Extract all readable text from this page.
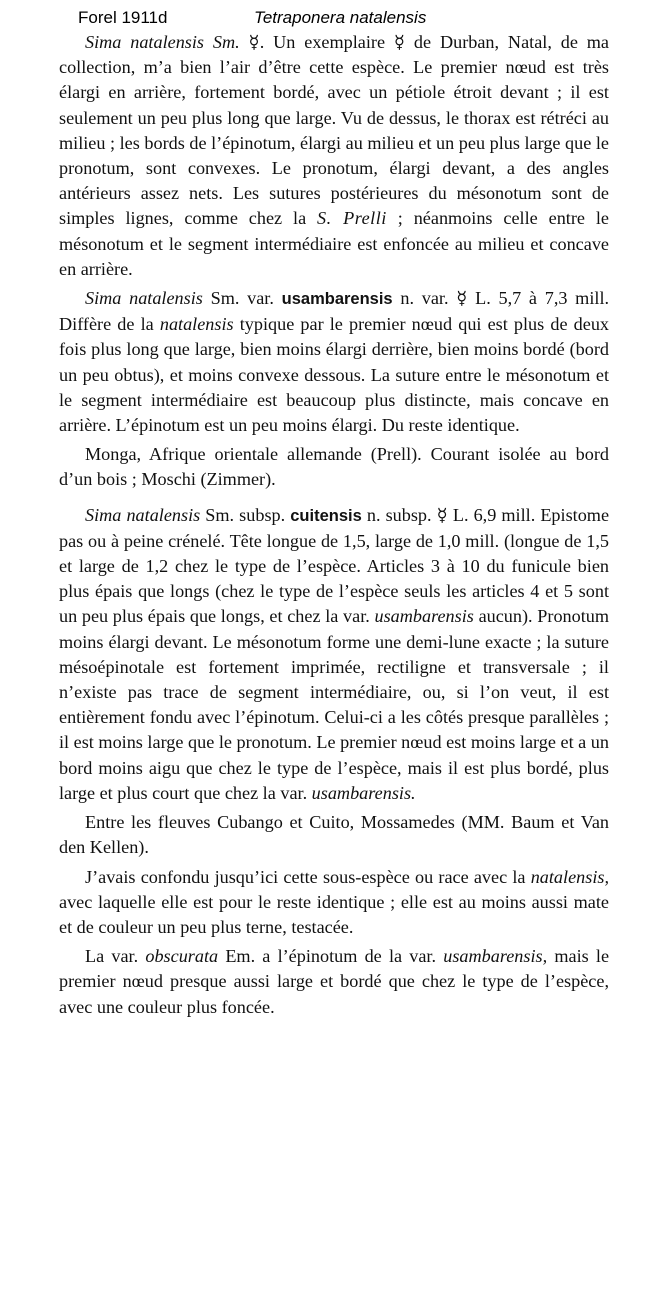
Forel 1911d	Tetraponera natalensis

Sima natalensis Sm. ☿. Un exemplaire ☿ de Durban, Natal, de ma collection, m’a bien l’air d’être cette espèce. Le premier nœud est très élargi en arrière, fortement bordé, avec un pétiole étroit devant ; il est seulement un peu plus long que large. Vu de dessus, le thorax est rétréci au milieu ; les bords de l’épinotum, élargi au milieu et un peu plus large que le pronotum, sont convexes. Le pronotum, élargi devant, a des angles antérieurs assez nets. Les sutures postérieures du mésonotum sont de simples lignes, comme chez la S. Prelli ; néanmoins celle entre le mésonotum et le segment intermédiaire est enfoncée au milieu et concave en arrière.

Sima natalensis Sm. var. usambarensis n. var. ☿ L. 5,7 à 7,3 mill. Diffère de la natalensis typique par le premier nœud qui est plus de deux fois plus long que large, bien moins élargi derrière, bien moins bordé (bord un peu obtus), et moins convexe dessous. La suture entre le mésonotum et le segment intermédiaire est beaucoup plus distincte, mais concave en arrière. L’épinotum est un peu moins élargi. Du reste identique.

Monga, Afrique orientale allemande (Prell). Courant isolée au bord d’un bois ; Moschi (Zimmer).

Sima natalensis Sm. subsp. cuitensis n. subsp. ☿ L. 6,9 mill. Epistome pas ou à peine crénelé. Tête longue de 1,5, large de 1,0 mill. (longue de 1,5 et large de 1,2 chez le type de l’espèce. Articles 3 à 10 du funicule bien plus épais que longs (chez le type de l’espèce seuls les articles 4 et 5 sont un peu plus épais que longs, et chez la var. usambarensis aucun). Pronotum moins élargi devant. Le mésonotum forme une demi-lune exacte ; la suture mésoépinotale est fortement imprimée, rectiligne et transversale ; il n’existe pas trace de segment intermédiaire, ou, si l’on veut, il est entièrement fondu avec l’épinotum. Celui-ci a les côtés presque parallèles ; il est moins large que le pronotum. Le premier nœud est moins large et a un bord moins aigu que chez le type de l’espèce, mais il est plus bordé, plus large et plus court que chez la var. usambarensis.

Entre les fleuves Cubango et Cuito, Mossamedes (MM. Baum et Van den Kellen).

J’avais confondu jusqu’ici cette sous-espèce ou race avec la natalensis, avec laquelle elle est pour le reste identique ; elle est au moins aussi mate et de couleur un peu plus terne, testacée.

La var. obscurata Em. a l’épinotum de la var. usambarensis, mais le premier nœud presque aussi large et bordé que chez le type de l’espèce, avec une couleur plus foncée.
